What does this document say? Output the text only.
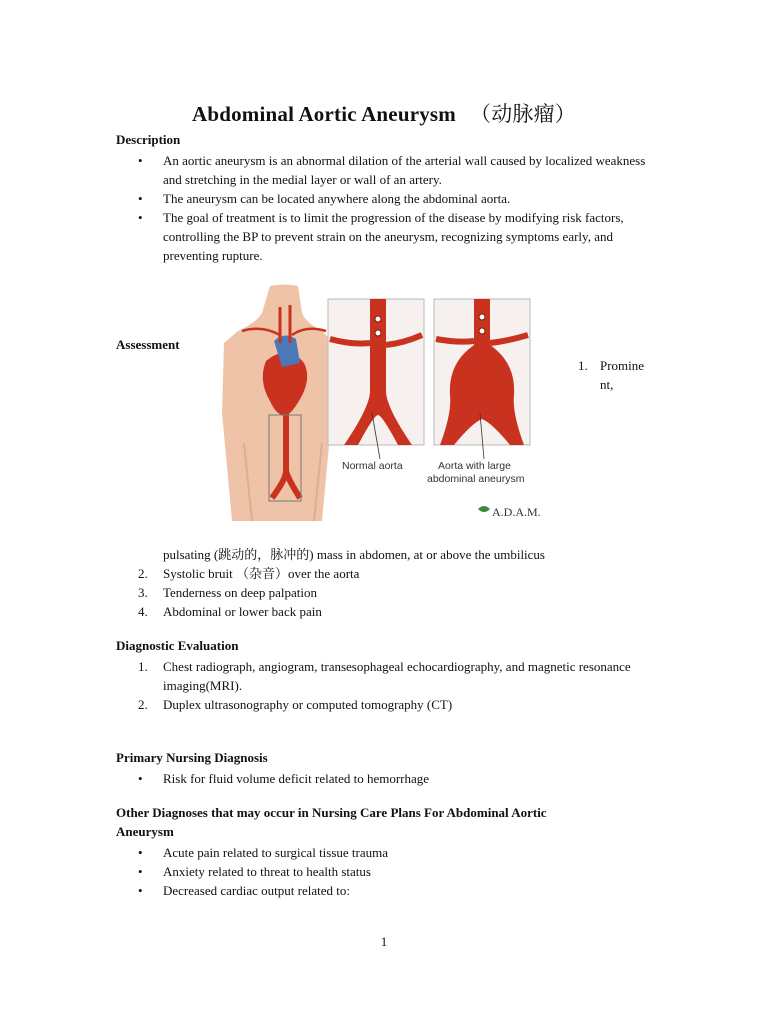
Abdominal Aortic Aneurysm （动脉瘤）
Description
• An aortic aneurysm is an abnormal dilation of the arterial wall caused by localized weakness and stretching in the medial layer or wall of an artery.
• The aneurysm can be located anywhere along the abdominal aorta.
• The goal of treatment is to limit the progression of the disease by modifying risk factors, controlling the BP to prevent strain on the aneurysm, recognizing symptoms early, and preventing rupture.
Assessment
Normal aorta	Aorta with large
abdominal aneurysm
A.D.A.M.
1. Promine nt,
pulsating (跳动的，脉冲的) mass in abdomen, at or above the umbilicus
2. Systolic bruit （杂音）over the aorta
3. Tenderness on deep palpation
4. Abdominal or lower back pain
Diagnostic Evaluation
1. Chest radiograph, angiogram, transesophageal echocardiography, and magnetic resonance imaging(MRI).
2. Duplex ultrasonography or computed tomography (CT)
Primary Nursing Diagnosis
• Risk for fluid volume deficit related to hemorrhage
Other Diagnoses that may occur in Nursing Care Plans For Abdominal Aortic
Aneurysm
• Acute pain related to surgical tissue trauma
• Anxiety related to threat to health status
• Decreased cardiac output related to:
1
